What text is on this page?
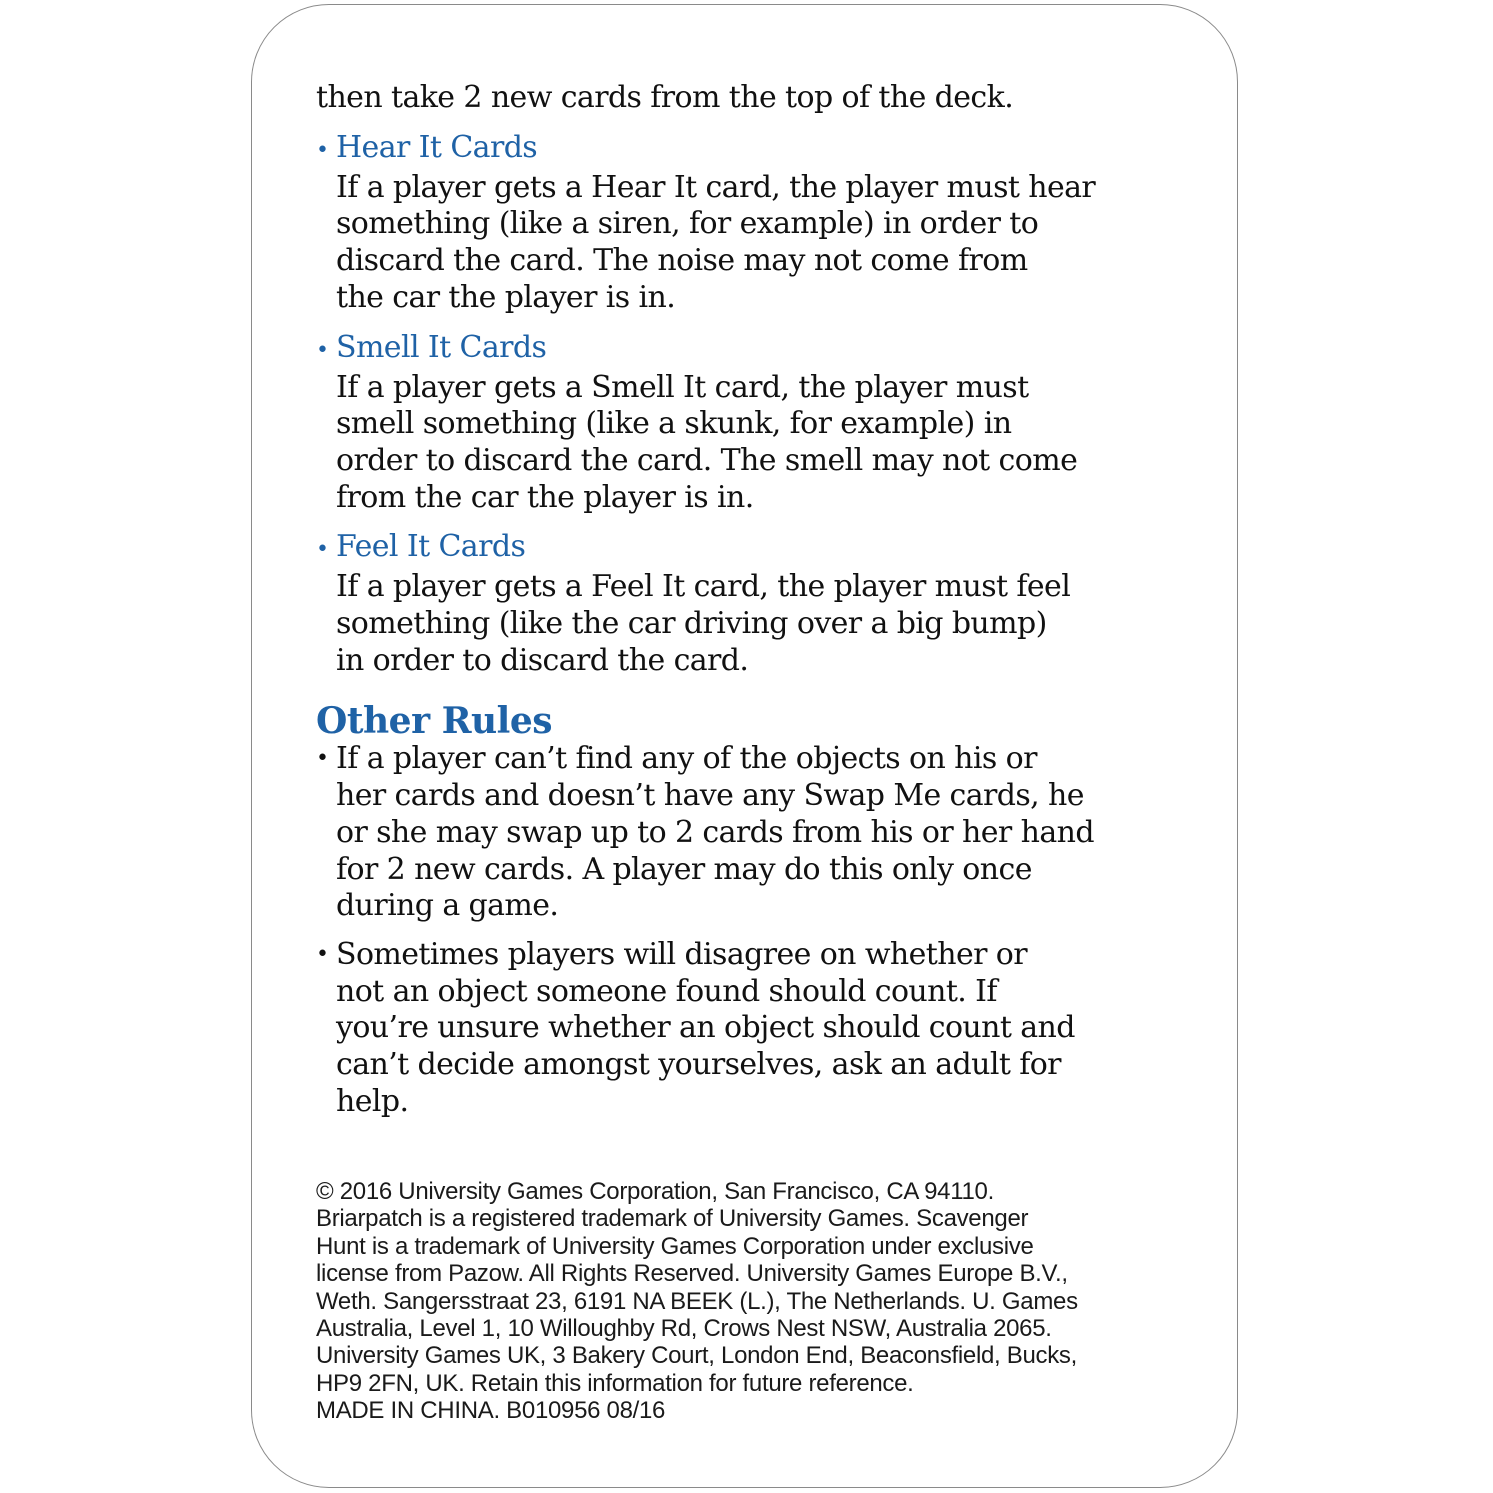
then take 2 new cards from the top of the deck.
• Hear It Cards
If a player gets a Hear It card, the player must hear
something (like a siren, for example) in order to
discard the card. The noise may not come from
the car the player is in.
• Smell It Cards
If a player gets a Smell It card, the player must
smell something (like a skunk, for example) in
order to discard the card. The smell may not come
from the car the player is in.
• Feel It Cards
If a player gets a Feel It card, the player must feel
something (like the car driving over a big bump)
in order to discard the card.
Other Rules
• If a player can’t find any of the objects on his or
her cards and doesn’t have any Swap Me cards, he
or she may swap up to 2 cards from his or her hand
for 2 new cards. A player may do this only once
during a game.
• Sometimes players will disagree on whether or
not an object someone found should count. If
you’re unsure whether an object should count and
can’t decide amongst yourselves, ask an adult for
help.
© 2016 University Games Corporation, San Francisco, CA 94110.
Briarpatch is a registered trademark of University Games. Scavenger
Hunt is a trademark of University Games Corporation under exclusive
license from Pazow. All Rights Reserved. University Games Europe B.V.,
Weth. Sangersstraat 23, 6191 NA BEEK (L.), The Netherlands. U. Games
Australia, Level 1, 10 Willoughby Rd, Crows Nest NSW, Australia 2065.
University Games UK, 3 Bakery Court, London End, Beaconsfield, Bucks,
HP9 2FN, UK. Retain this information for future reference.
MADE IN CHINA. B010956 08/16
